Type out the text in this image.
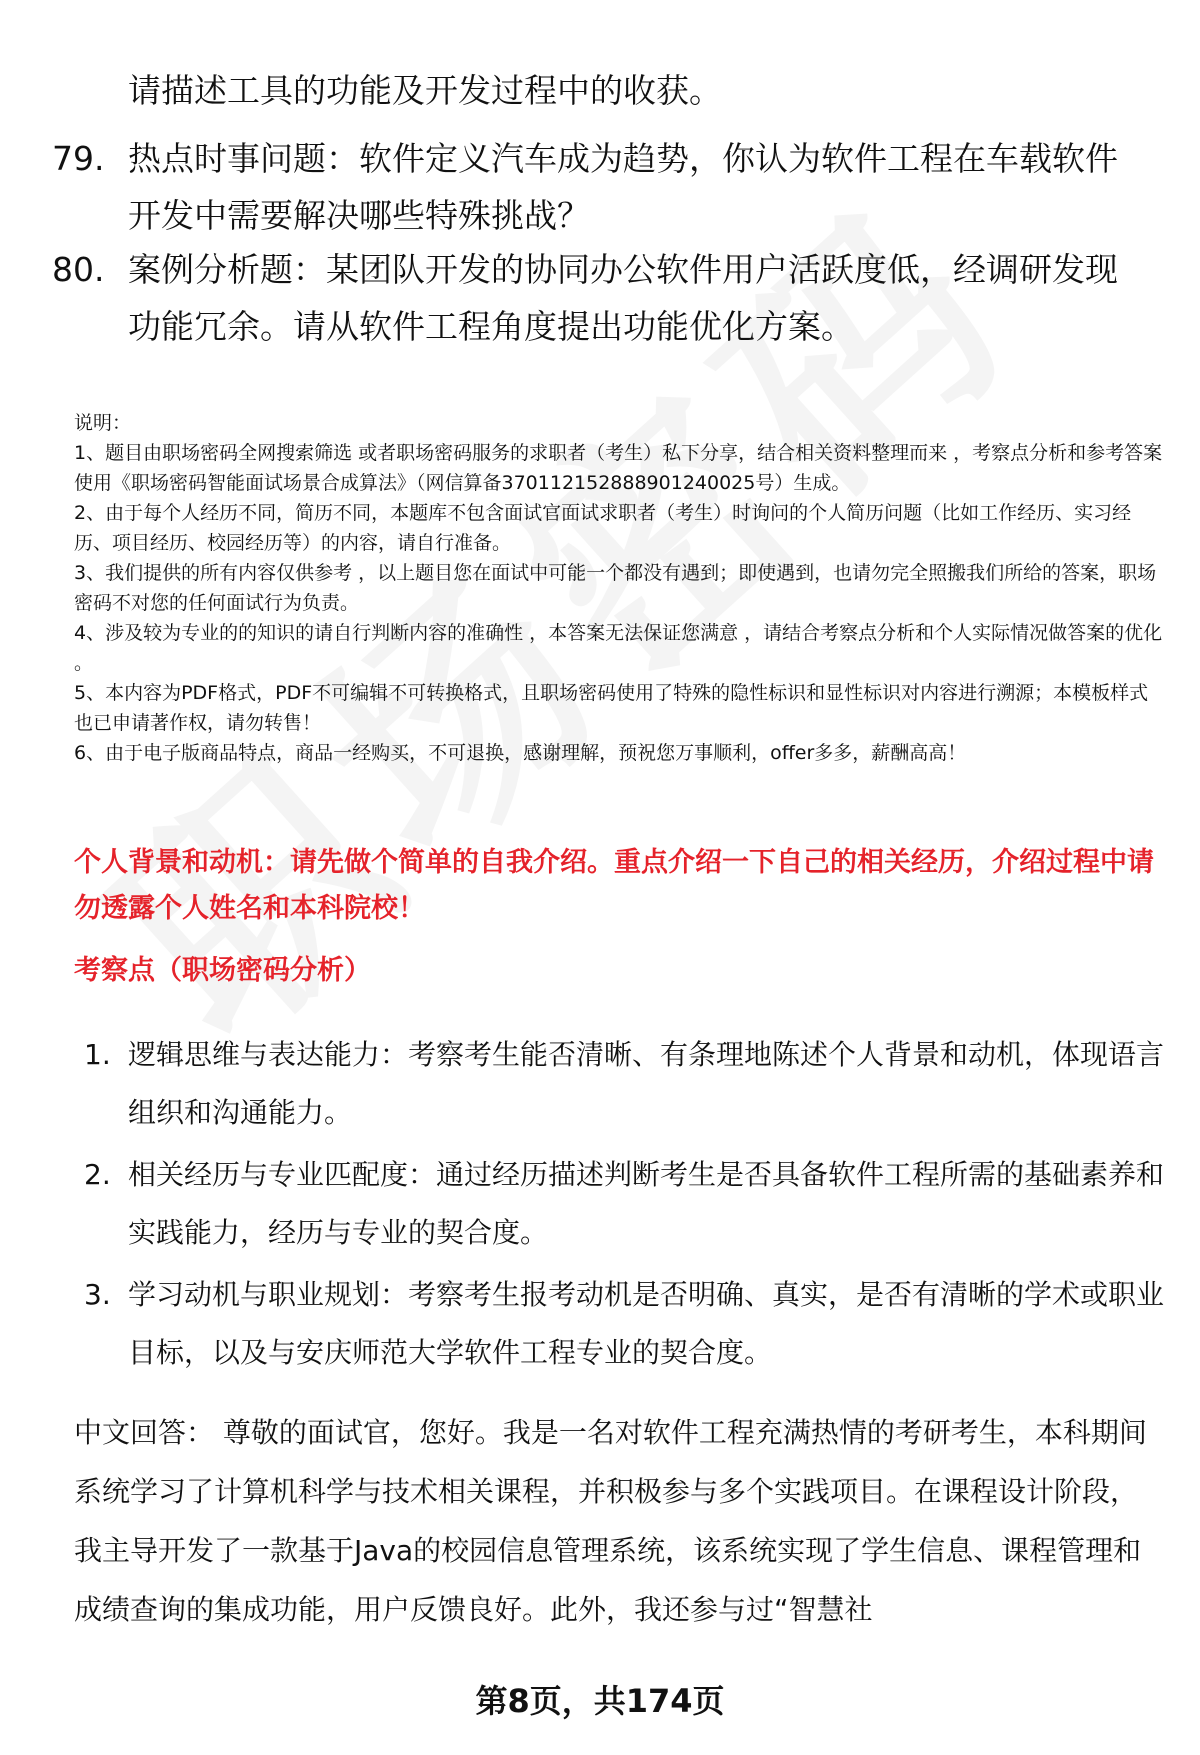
请描述工具的功能及开发过程中的收获。
79. 热点时事问题：软件定义汽车成为趋势，你认为软件工程在车载软件开发中需要解决哪些特殊挑战？
80. 案例分析题：某团队开发的协同办公软件用户活跃度低，经调研发现功能冗余。请从软件工程角度提出功能优化方案。
说明：
1、题目由职场密码全网搜索筛选 或者职场密码服务的求职者（考生）私下分享，结合相关资料整理而来 ，考察点分析和参考答案使用《职场密码智能面试场景合成算法》（网信算备370112152888901240025号）生成。
2、由于每个人经历不同，简历不同，本题库不包含面试官面试求职者（考生）时询问的个人简历问题（比如工作经历、实习经历、项目经历、校园经历等）的内容，请自行准备。
3、我们提供的所有内容仅供参考 ，以上题目您在面试中可能一个都没有遇到；即使遇到，也请勿完全照搬我们所给的答案，职场密码不对您的任何面试行为负责。
4、涉及较为专业的的知识的请自行判断内容的准确性 ，本答案无法保证您满意 ，请结合考察点分析和个人实际情况做答案的优化 。
5、本内容为PDF格式，PDF不可编辑不可转换格式，且职场密码使用了特殊的隐性标识和显性标识对内容进行溯源；本模板样式也已申请著作权，请勿转售！
6、由于电子版商品特点，商品一经购买，不可退换，感谢理解，预祝您万事顺利，offer多多，薪酬高高！
个人背景和动机：请先做个简单的自我介绍。重点介绍一下自己的相关经历，介绍过程中请勿透露个人姓名和本科院校！
考察点（职场密码分析）
1. 逻辑思维与表达能力：考察考生能否清晰、有条理地陈述个人背景和动机，体现语言组织和沟通能力。
2. 相关经历与专业匹配度：通过经历描述判断考生是否具备软件工程所需的基础素养和实践能力，经历与专业的契合度。
3. 学习动机与职业规划：考察考生报考动机是否明确、真实，是否有清晰的学术或职业目标，以及与安庆师范大学软件工程专业的契合度。
中文回答： 尊敬的面试官，您好。我是一名对软件工程充满热情的考研考生，本科期间系统学习了计算机科学与技术相关课程，并积极参与多个实践项目。在课程设计阶段，我主导开发了一款基于Java的校园信息管理系统，该系统实现了学生信息、课程管理和成绩查询的集成功能，用户反馈良好。此外，我还参与过“智慧社
第8页，共174页
